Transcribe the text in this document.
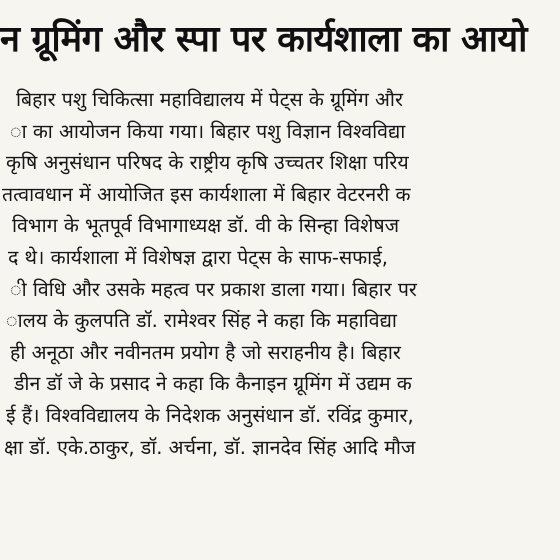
न ग्रूमिंग और स्पा पर कार्यशाला का आयो
बिहार पशु चिकित्सा महाविद्यालय में पेट्स के ग्रूमिंग और
ा का आयोजन किया गया। बिहार पशु विज्ञान विश्वविद्या
कृषि अनुसंधान परिषद के राष्ट्रीय कृषि उच्चतर शिक्षा परिय
तत्वावधान में आयोजित इस कार्यशाला में बिहार वेटरनरी क
विभाग के भूतपूर्व विभागाध्यक्ष डॉ. वी के सिन्हा विशेषज
द थे। कार्यशाला में विशेषज्ञ द्वारा पेट्स के साफ-सफाई,
ी विधि और उसके महत्व पर प्रकाश डाला गया। बिहार पर
ालय के कुलपति डॉ. रामेश्वर सिंह ने कहा कि महाविद्या
ही अनूठा और नवीनतम प्रयोग है जो सराहनीय है। बिहार
डीन डॉ जे के प्रसाद ने कहा कि कैनाइन ग्रूमिंग में उद्यम क
ई हैं। विश्वविद्यालय के निदेशक अनुसंधान डॉ. रविंद्र कुमार,
क्षा डॉ. एके.ठाकुर, डॉ. अर्चना, डॉ. ज्ञानदेव सिंह आदि मौज
